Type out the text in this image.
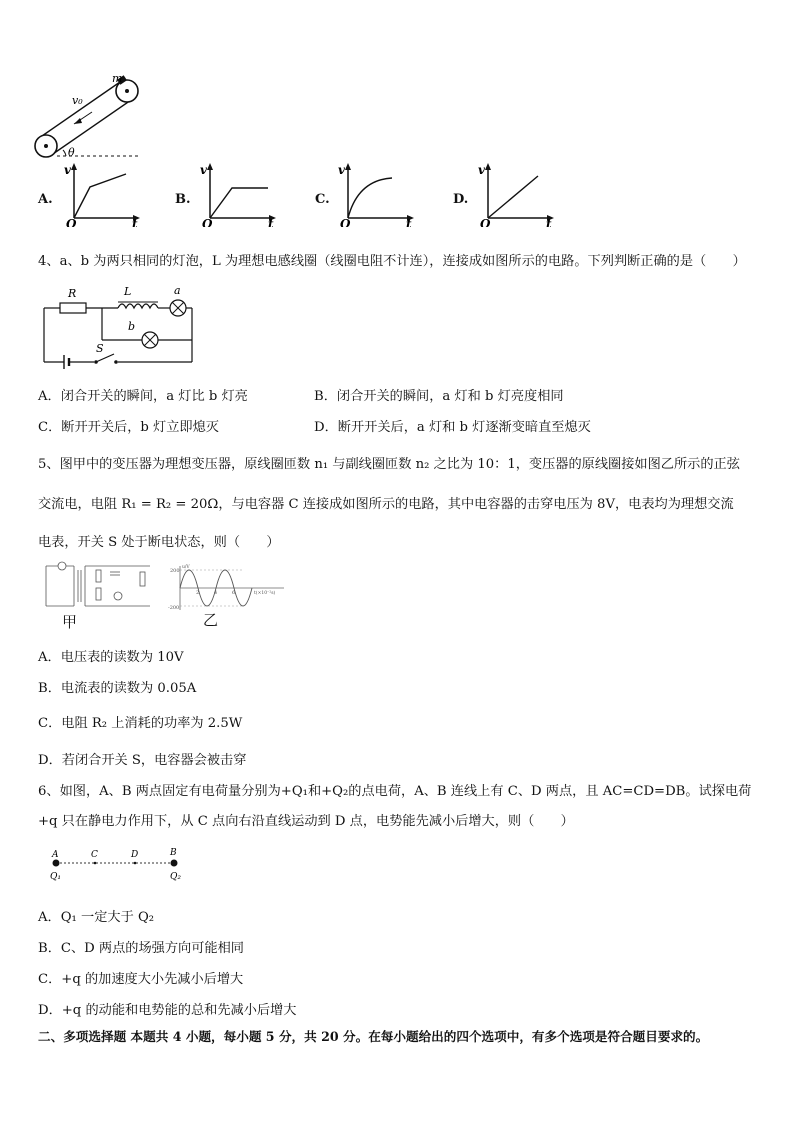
m
v₀
θ
A.
v
O	t
B.
v
O	t
C.
v
O	t
D.
v
O	t
4、a、b 为两只相同的灯泡，L 为理想电感线圈（线圈电阻不计连），连接成如图所示的电路。下列判断正确的是（　　）
R	L	a
b
S
A．闭合开关的瞬间，a 灯比 b 灯亮	B．闭合开关的瞬间，a 灯和 b 灯亮度相同
C．断开开关后，b 灯立即熄灭	D．断开开关后，a 灯和 b 灯逐渐变暗直至熄灭
5、图甲中的变压器为理想变压器，原线圈匝数 n₁ 与副线圈匝数 n₂ 之比为 10：1，变压器的原线圈接如图乙所示的正弦
交流电，电阻 R₁ = R₂ = 20Ω，与电容器 C 连接成如图所示的电路，其中电容器的击穿电压为 8V，电表均为理想交流
电表，开关 S 处于断电状态，则（　　）
200
-200
u/V
t(×10⁻²s)
2	4	6
甲	乙
A．电压表的读数为 10V
B．电流表的读数为 0.05A
C．电阻 R₂ 上消耗的功率为 2.5W
D．若闭合开关 S，电容器会被击穿
6、如图，A、B 两点固定有电荷量分别为+Q₁和+Q₂的点电荷，A、B 连线上有 C、D 两点，且 AC=CD=DB。试探电荷
+q 只在静电力作用下，从 C 点向右沿直线运动到 D 点，电势能先减小后增大，则（　　）
A	C	D	B
Q₁	Q₂
A．Q₁ 一定大于 Q₂
B．C、D 两点的场强方向可能相同
C．+q 的加速度大小先减小后增大
D．+q 的动能和电势能的总和先减小后增大
二、多项选择题 本题共 4 小题，每小题 5 分，共 20 分。在每小题给出的四个选项中，有多个选项是符合题目要求的。
